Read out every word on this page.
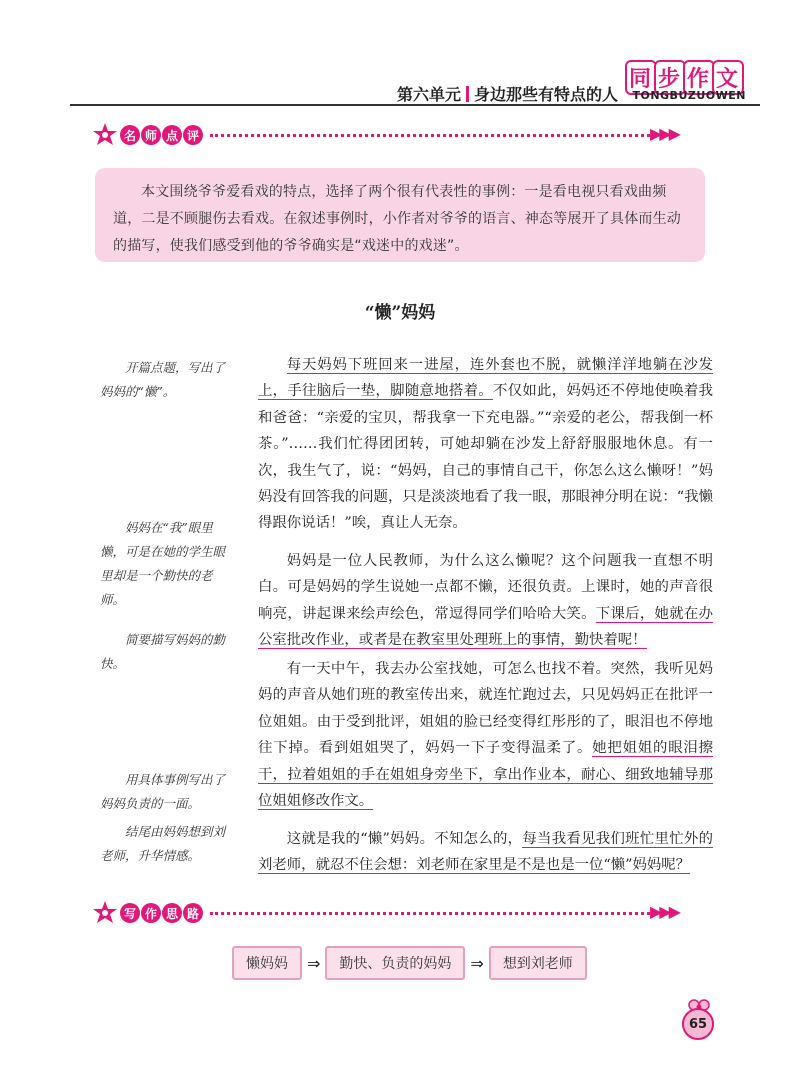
第六单元 身边那些有特点的人
同 步 作 文
TONGBUZUOWEN
名 师 点 评	▶▶▶
本文围绕爷爷爱看戏的特点，选择了两个很有代表性的事例：一是看电视只看戏曲频道，二是不顾腿伤去看戏。在叙述事例时，小作者对爷爷的语言、神态等展开了具体而生动的描写，使我们感受到他的爷爷确实是“戏迷中的戏迷”。
“懒”妈妈
开篇点题，写出了妈妈的“懒”。
妈妈在“我”眼里懒，可是在她的学生眼里却是一个勤快的老师。
简要描写妈妈的勤快。
用具体事例写出了妈妈负责的一面。
结尾由妈妈想到刘老师，升华情感。
每天妈妈下班回来一进屋，连外套也不脱，就懒洋洋地躺在沙发上，手往脑后一垫，脚随意地搭着。不仅如此，妈妈还不停地使唤着我和爸爸：“亲爱的宝贝，帮我拿一下充电器。”“亲爱的老公，帮我倒一杯茶。”……我们忙得团团转，可她却躺在沙发上舒舒服服地休息。有一次，我生气了，说：“妈妈，自己的事情自己干，你怎么这么懒呀！”妈妈没有回答我的问题，只是淡淡地看了我一眼，那眼神分明在说：“我懒得跟你说话！”唉，真让人无奈。
妈妈是一位人民教师，为什么这么懒呢？这个问题我一直想不明白。可是妈妈的学生说她一点都不懒，还很负责。上课时，她的声音很响亮，讲起课来绘声绘色，常逗得同学们哈哈大笑。下课后，她就在办公室批改作业，或者是在教室里处理班上的事情，勤快着呢！
有一天中午，我去办公室找她，可怎么也找不着。突然，我听见妈妈的声音从她们班的教室传出来，就连忙跑过去，只见妈妈正在批评一位姐姐。由于受到批评，姐姐的脸已经变得红彤彤的了，眼泪也不停地往下掉。看到姐姐哭了，妈妈一下子变得温柔了。她把姐姐的眼泪擦干，拉着姐姐的手在姐姐身旁坐下，拿出作业本，耐心、细致地辅导那位姐姐修改作文。
这就是我的“懒”妈妈。不知怎么的，每当我看见我们班忙里忙外的刘老师，就忍不住会想：刘老师在家里是不是也是一位“懒”妈妈呢？
写 作 思 路	▶▶▶
懒妈妈	⇒	勤快、负责的妈妈	⇒	想到刘老师
65
